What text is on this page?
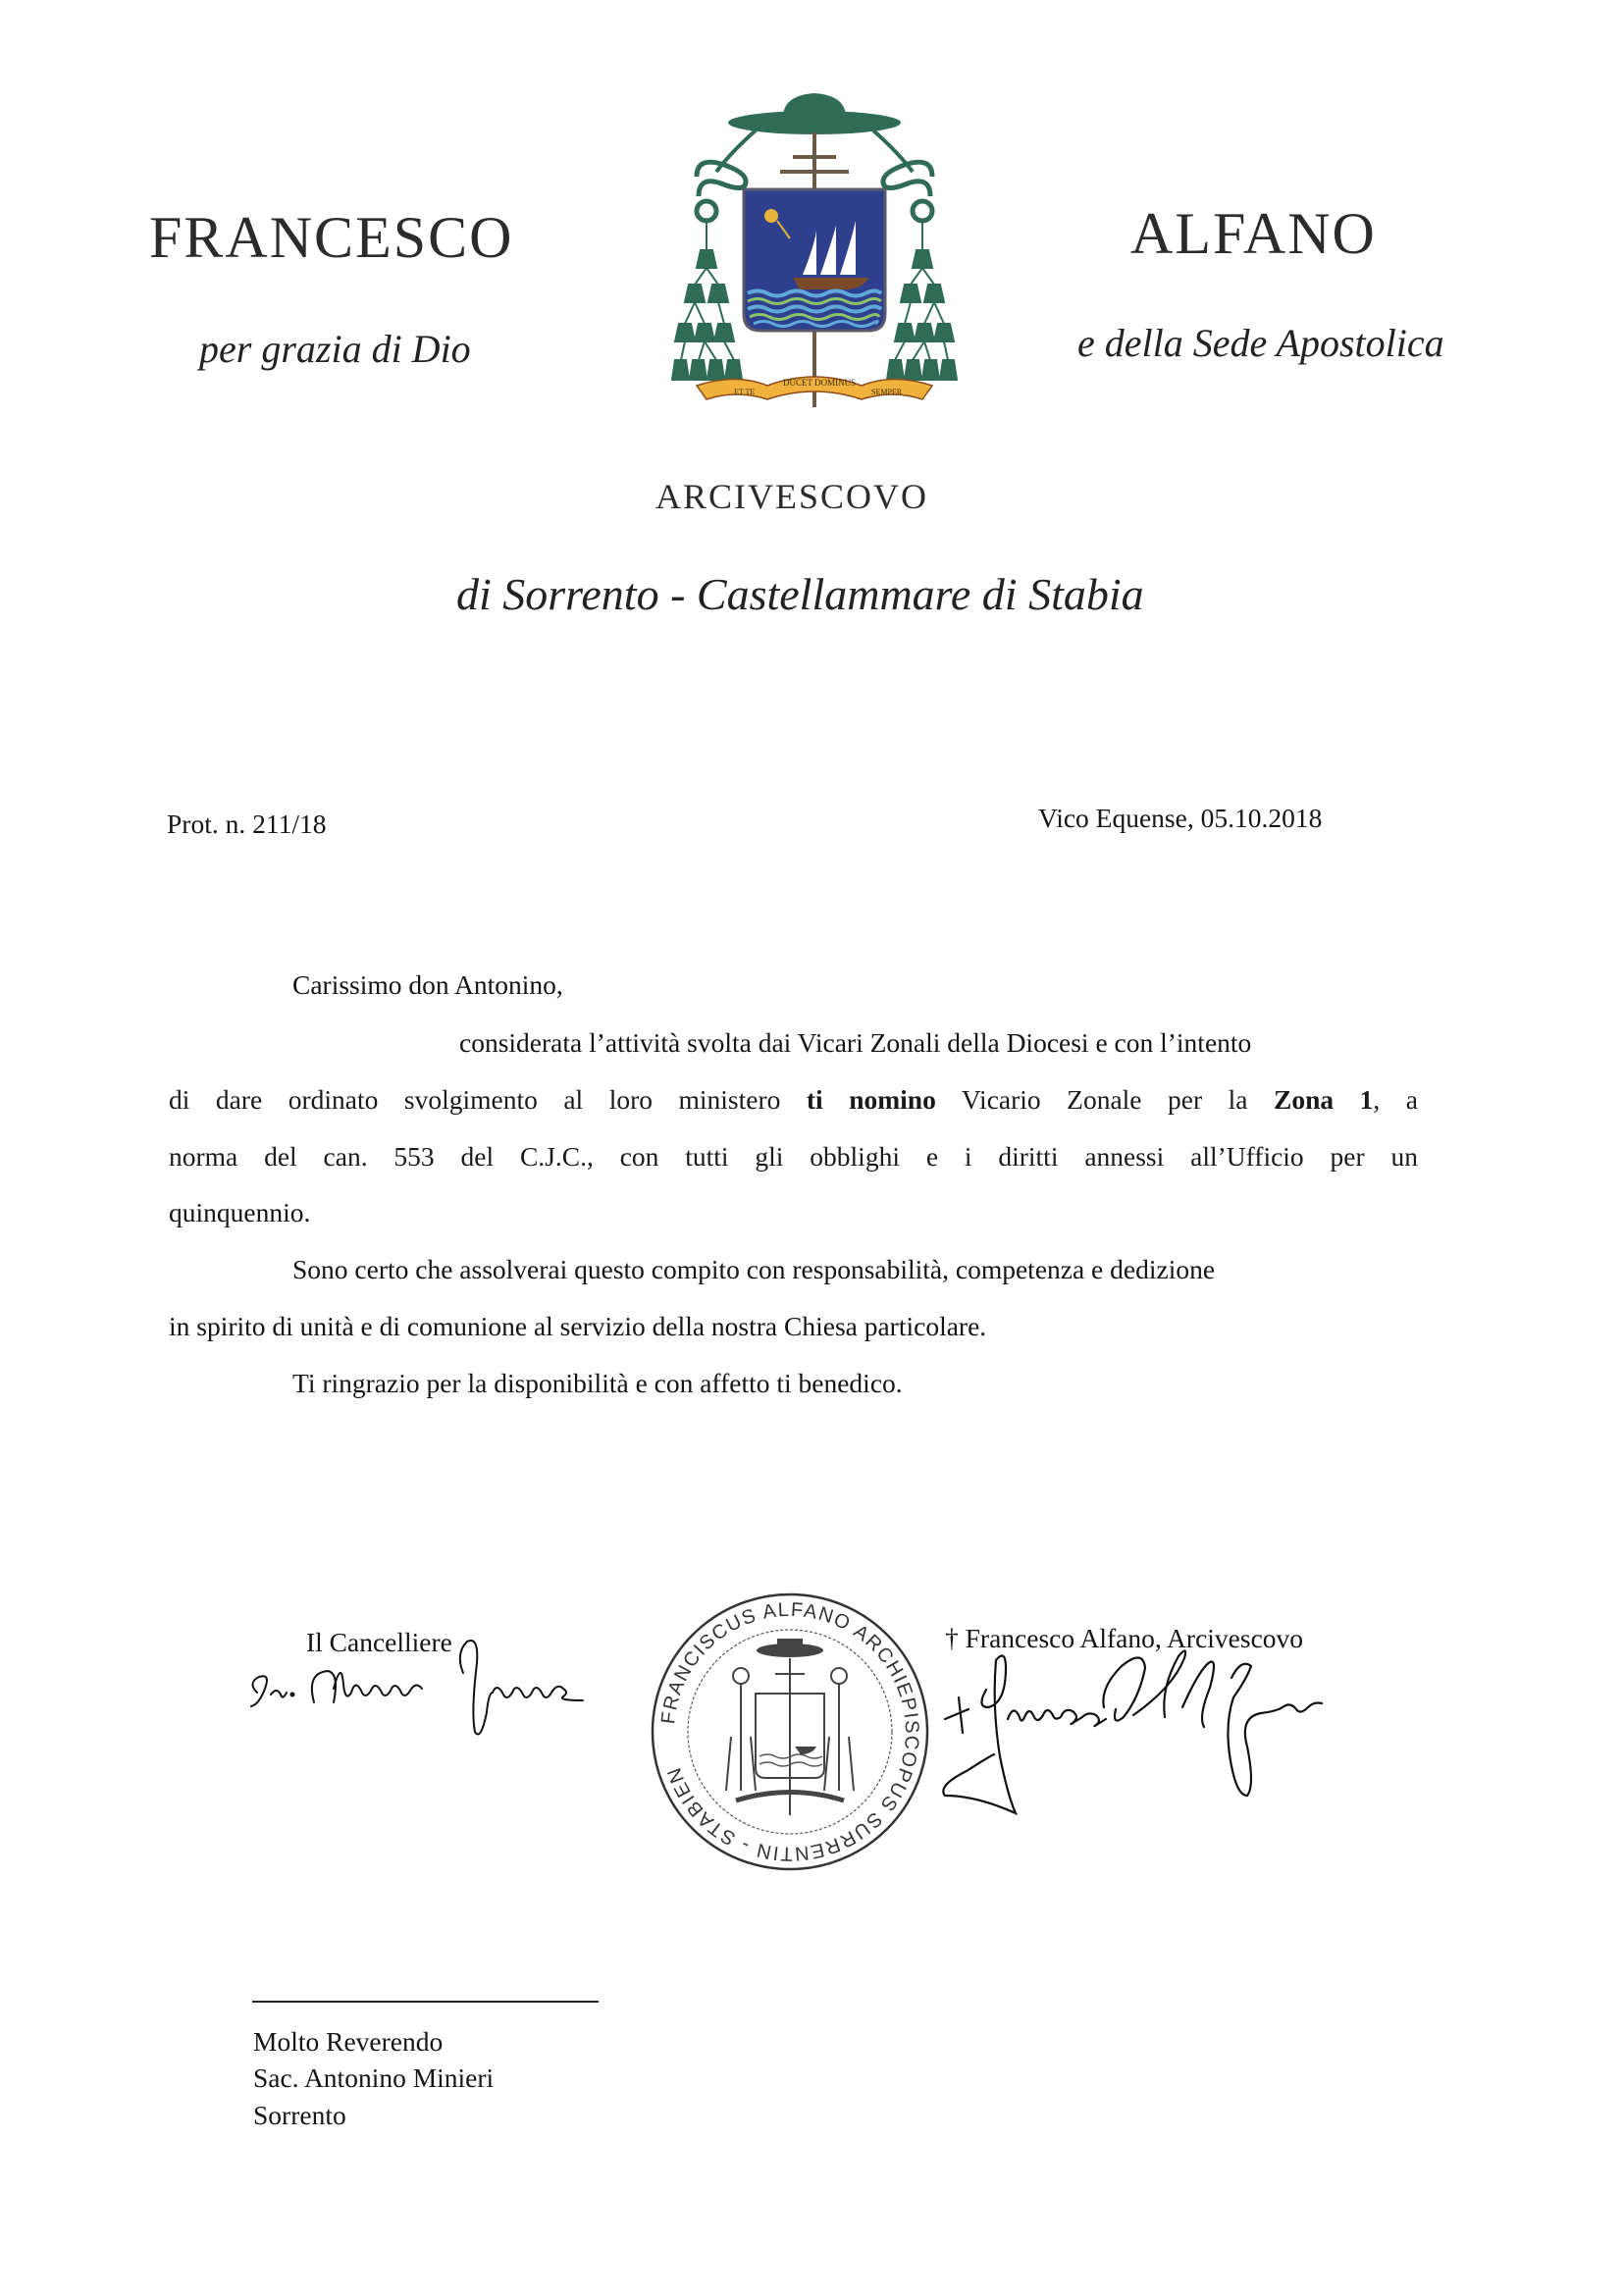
FRANCESCO	ALFANO
per grazia di Dio	e della Sede Apostolica
ET TE
DUCET DOMINUS
SEMPER
ARCIVESCOVO
di Sorrento - Castellammare di Stabia
Prot. n. 211/18	Vico Equense, 05.10.2018
Carissimo don Antonino,
considerata l’attività svolta dai Vicari Zonali della Diocesi e con l’intento
di dare ordinato svolgimento al loro ministero ti nomino Vicario Zonale per la Zona 1, a
norma del can. 553 del C.J.C., con tutti gli obblighi e i diritti annessi all’Ufficio per un
quinquennio.
Sono certo che assolverai questo compito con responsabilità, competenza e dedizione
in spirito di unità e di comunione al servizio della nostra Chiesa particolare.
Ti ringrazio per la disponibilità e con affetto ti benedico.
Il Cancelliere
FRANCISCUS ALFANO ARCHIEPISCOPUS SURRENTIN - STABIEN
† Francesco Alfano, Arcivescovo
Molto Reverendo
Sac. Antonino Minieri
Sorrento
